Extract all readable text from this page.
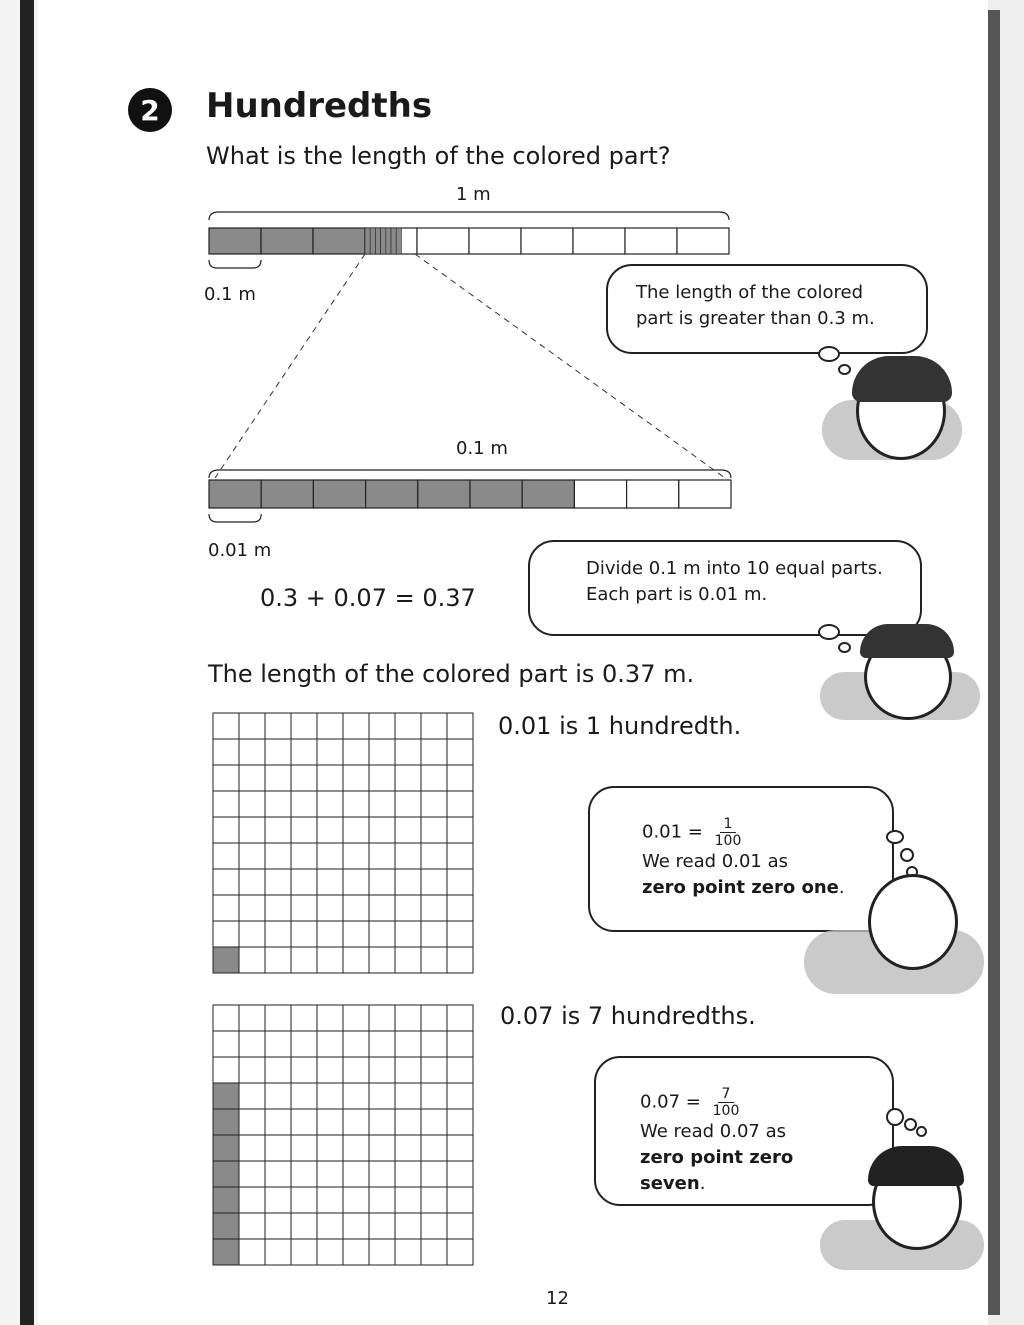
2	Hundredths
What is the length of the colored part?
1 m
0.1 m
0.1 m
0.01 m
The length of the colored
part is greater than 0.3 m.
0.3 + 0.07 = 0.37
Divide 0.1 m into 10 equal parts.
Each part is 0.01 m.
The length of the colored part is 0.37 m.
0.01 is 1 hundredth.
$0.01 = \frac{1}{100}$
We read 0.01 as
zero point zero one.
0.07 is 7 hundredths.
$0.07 = \frac{7}{100}$
We read 0.07 as
zero point zero seven.
12
